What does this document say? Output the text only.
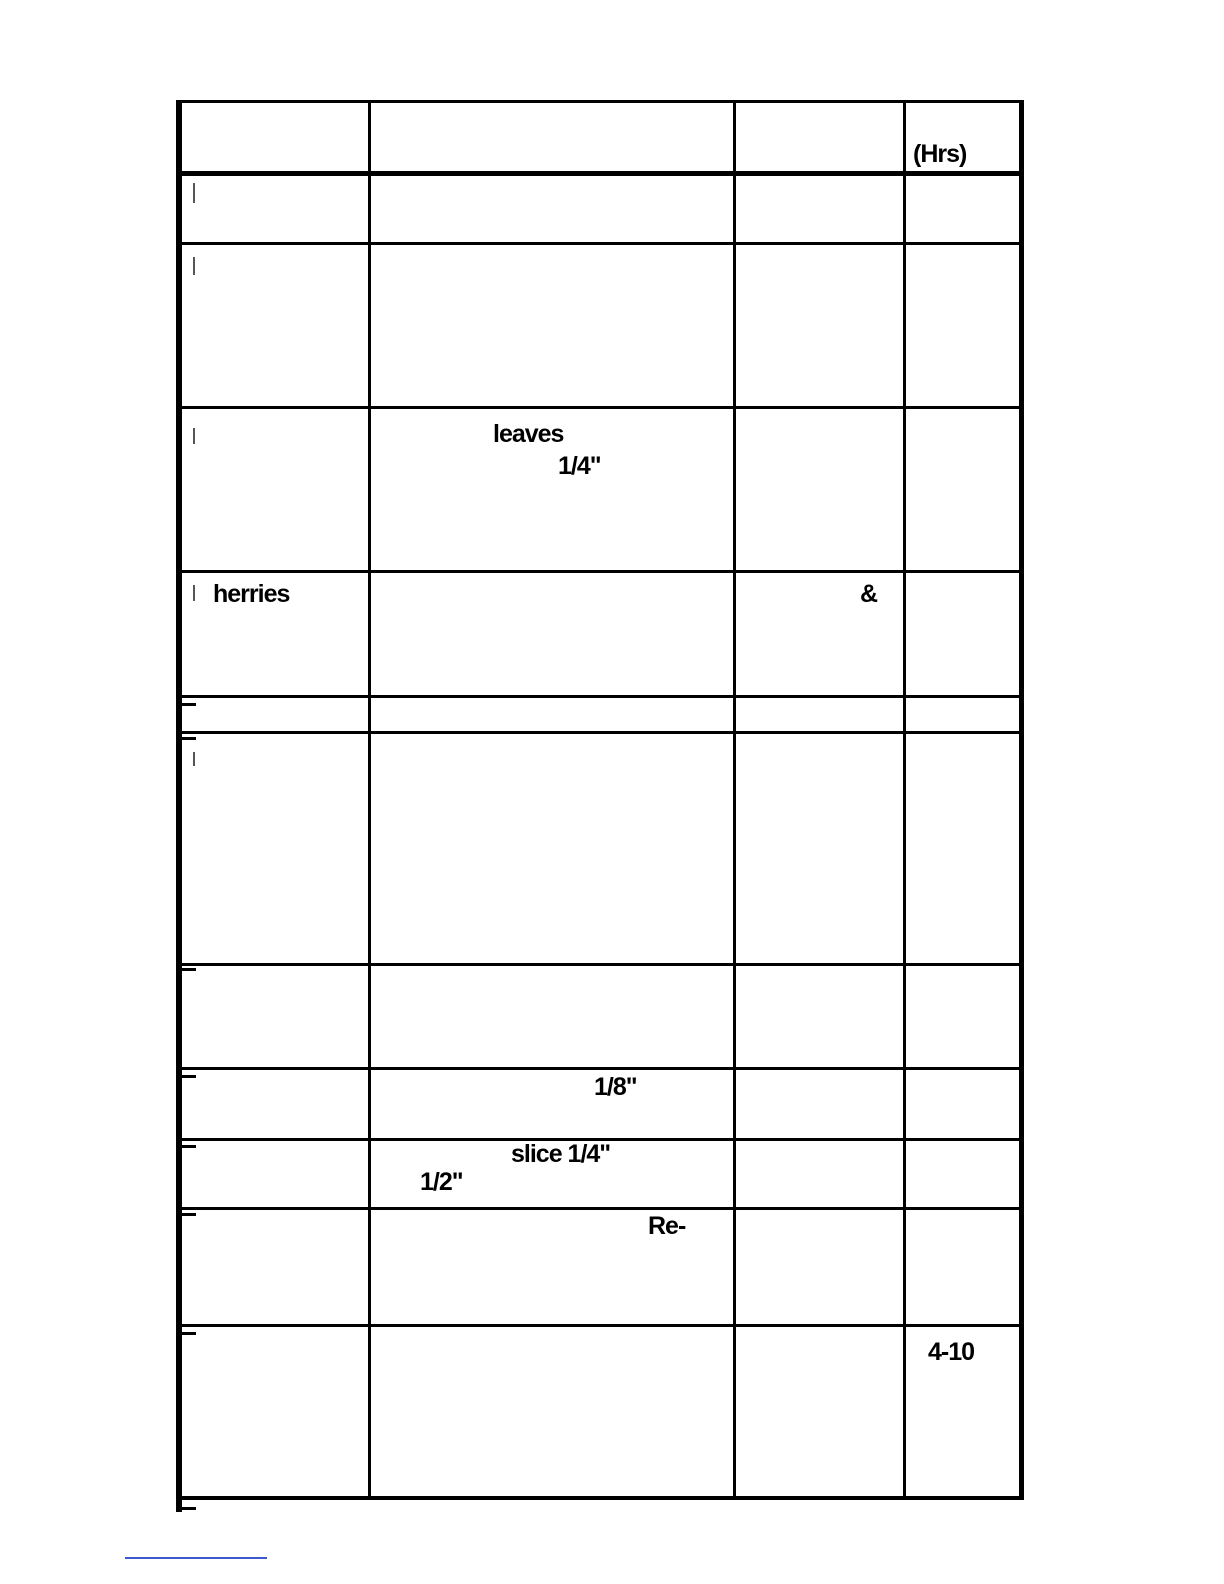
(Hrs)
leaves
1/4"
herries	&
1/8"
slice 1/4"
1/2"
Re-
4-10
